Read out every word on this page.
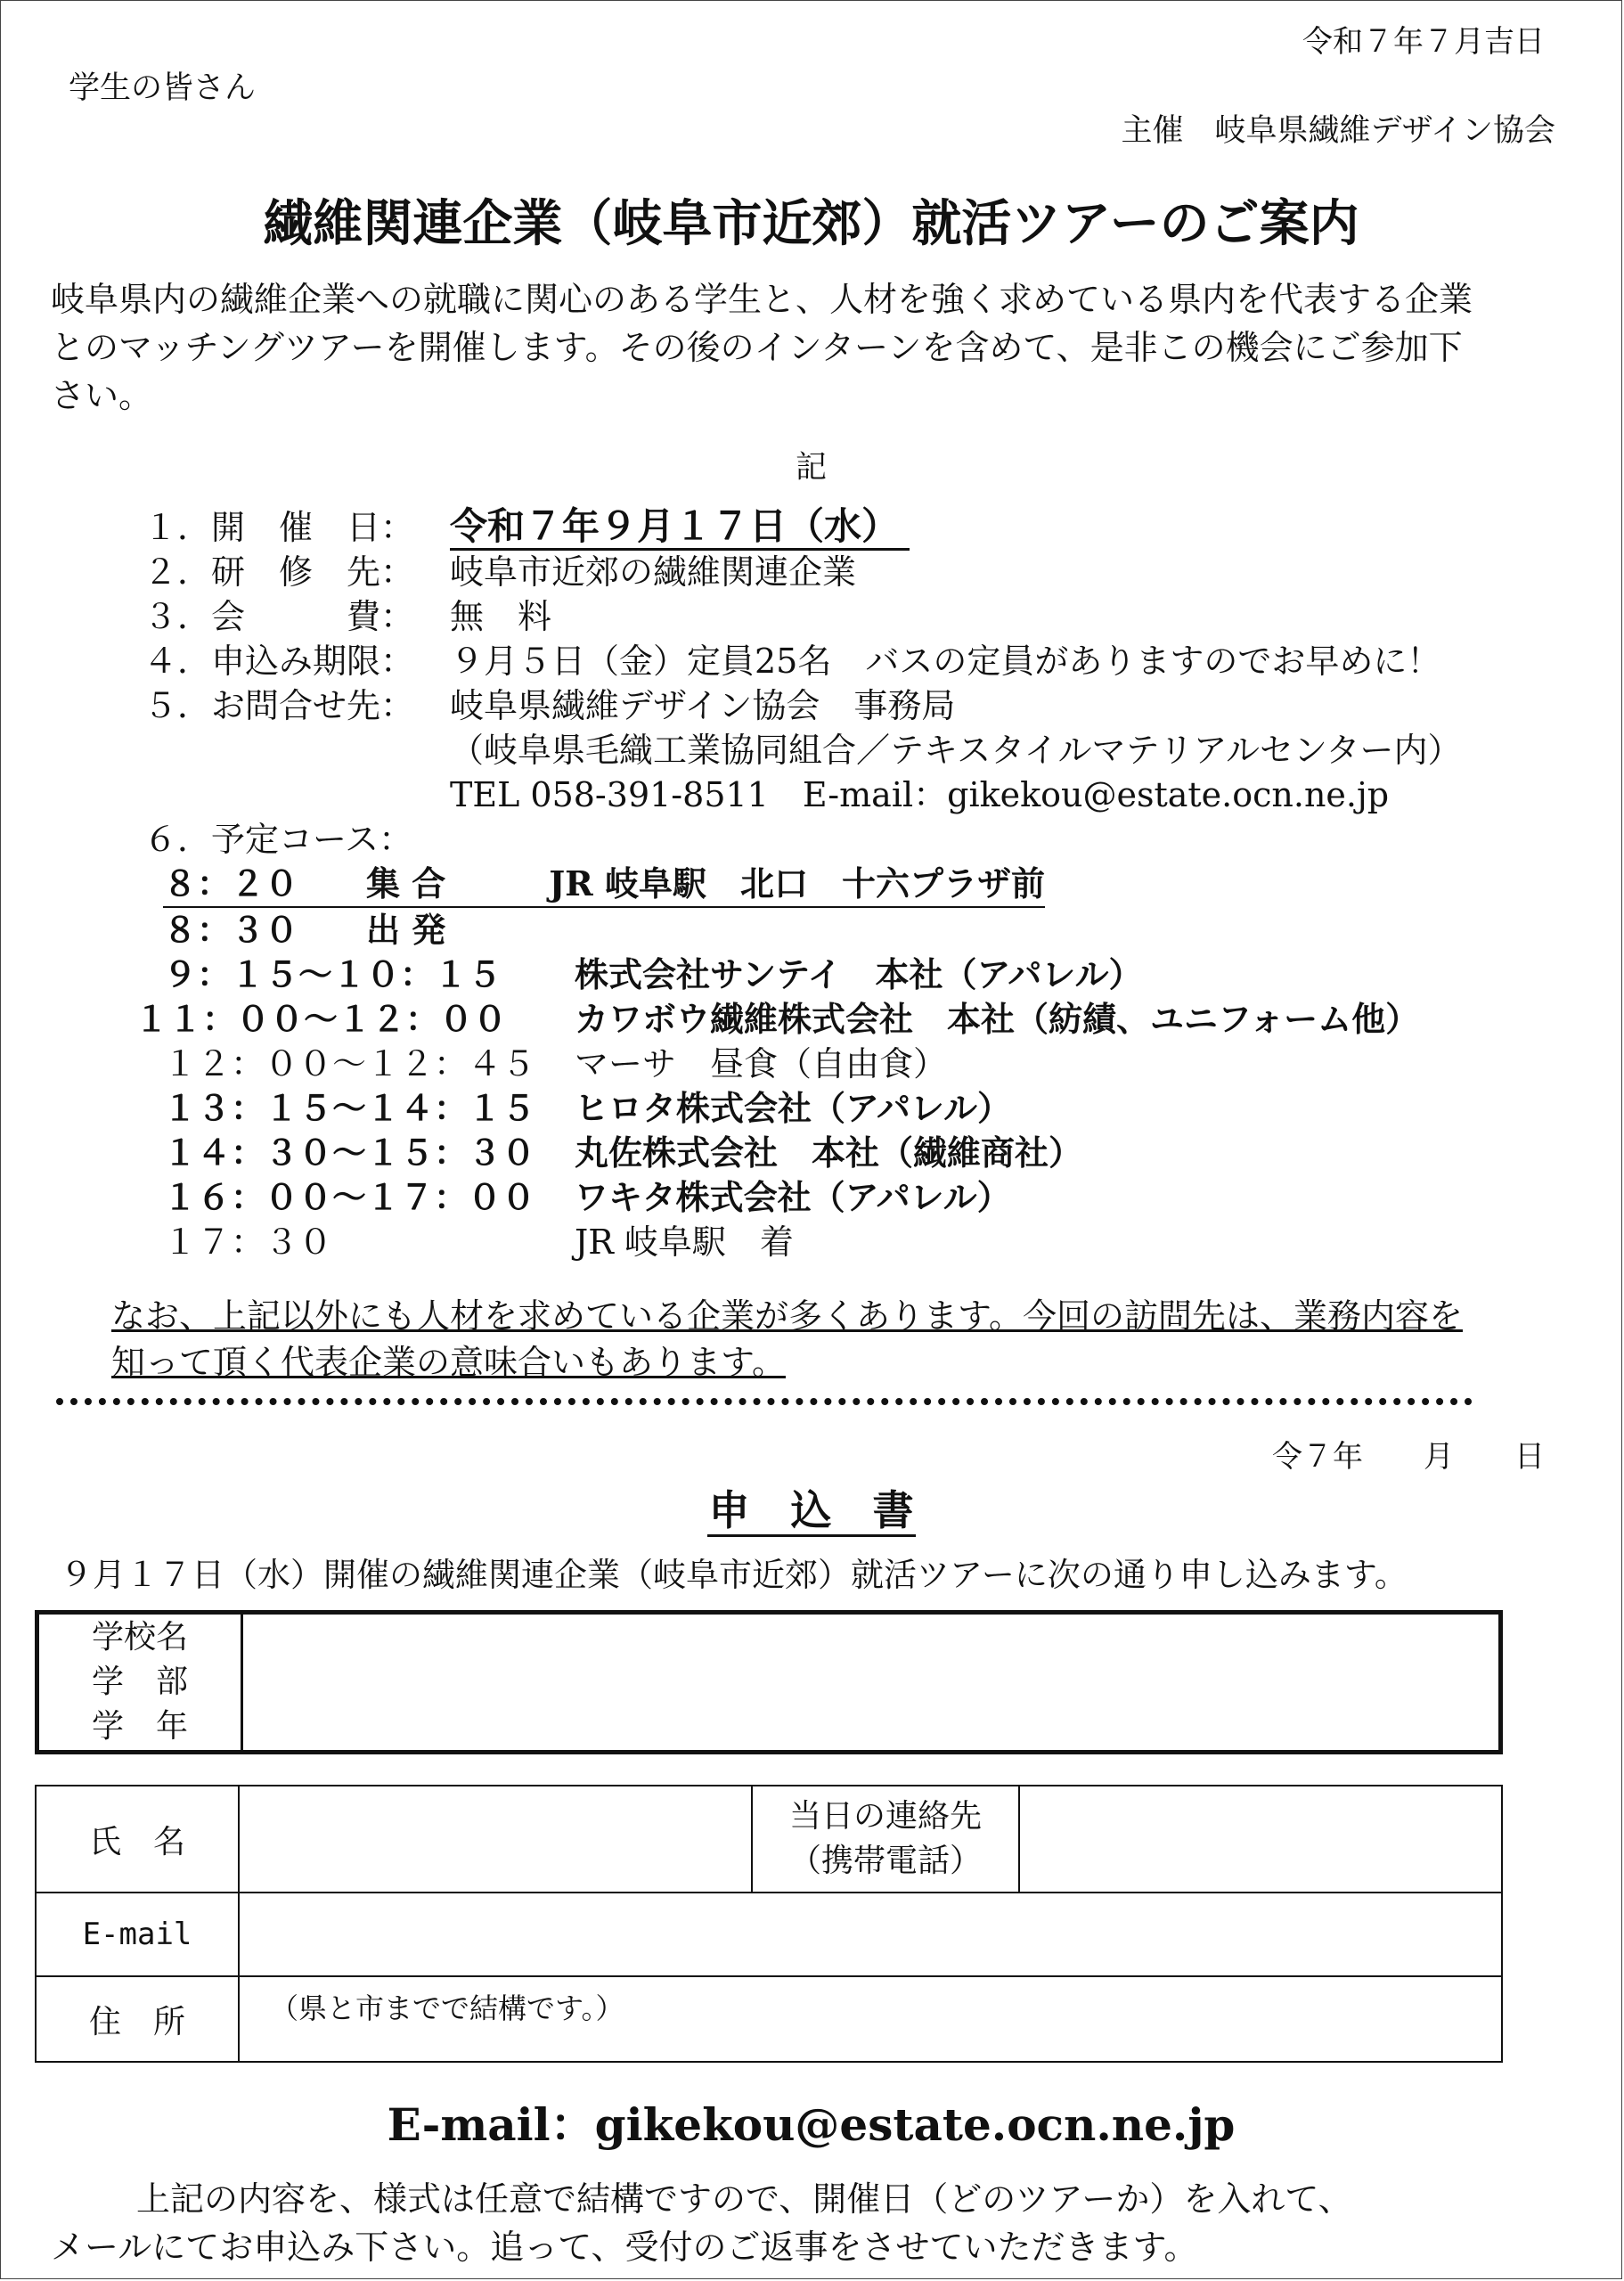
令和７年７月吉日
学生の皆さん
主催　岐阜県繊維デザイン協会
繊維関連企業（岐阜市近郊）就活ツアーのご案内
岐阜県内の繊維企業への就職に関心のある学生と、人材を強く求めている県内を代表する企業とのマッチングツアーを開催します。その後のインターンを含めて、是非この機会にご参加下さい。
記
１．開　催　日： 令和７年９月１７日（水）
２．研　修　先：	岐阜市近郊の繊維関連企業
３．会　　　費：	無　料
４．申込み期限：	９月５日（金）定員25名　バスの定員がありますのでお早めに！
５．お問合せ先：	岐阜県繊維デザイン協会　事務局
（岐阜県毛織工業協同組合／テキスタイルマテリアルセンター内）
TEL 058-391-8511　E-mail：gikekou@estate.ocn.ne.jp
６．予定コース：
８：２０　　集 合	JR 岐阜駅　北口　十六プラザ前
８：３０　　出 発
９：１５～１０：１５	株式会社サンテイ　本社（アパレル）
１１：００～１２：００	カワボウ繊維株式会社　本社（紡績、ユニフォーム他）
１２：００～１２：４５	マーサ　昼食（自由食）
１３：１５～１４：１５	ヒロタ株式会社（アパレル）
１４：３０～１５：３０	丸佐株式会社　本社（繊維商社）
１６：００～１７：００	ワキタ株式会社（アパレル）
１７：３０	JR 岐阜駅　着
なお、上記以外にも人材を求めている企業が多くあります。今回の訪問先は、業務内容を知って頂く代表企業の意味合いもあります。
令７年　　月　　日
申　込　書
９月１７日（水）開催の繊維関連企業（岐阜市近郊）就活ツアーに次の通り申し込みます。
学校名
学　部
学　年

氏　名		当日の連絡先
（携帯電話）	

E-mail			
住　所	（県と市までで結構です。）		
E-mail：gikekou@estate.ocn.ne.jp
上記の内容を、様式は任意で結構ですので、開催日（どのツアーか）を入れて、
メールにてお申込み下さい。追って、受付のご返事をさせていただきます。
